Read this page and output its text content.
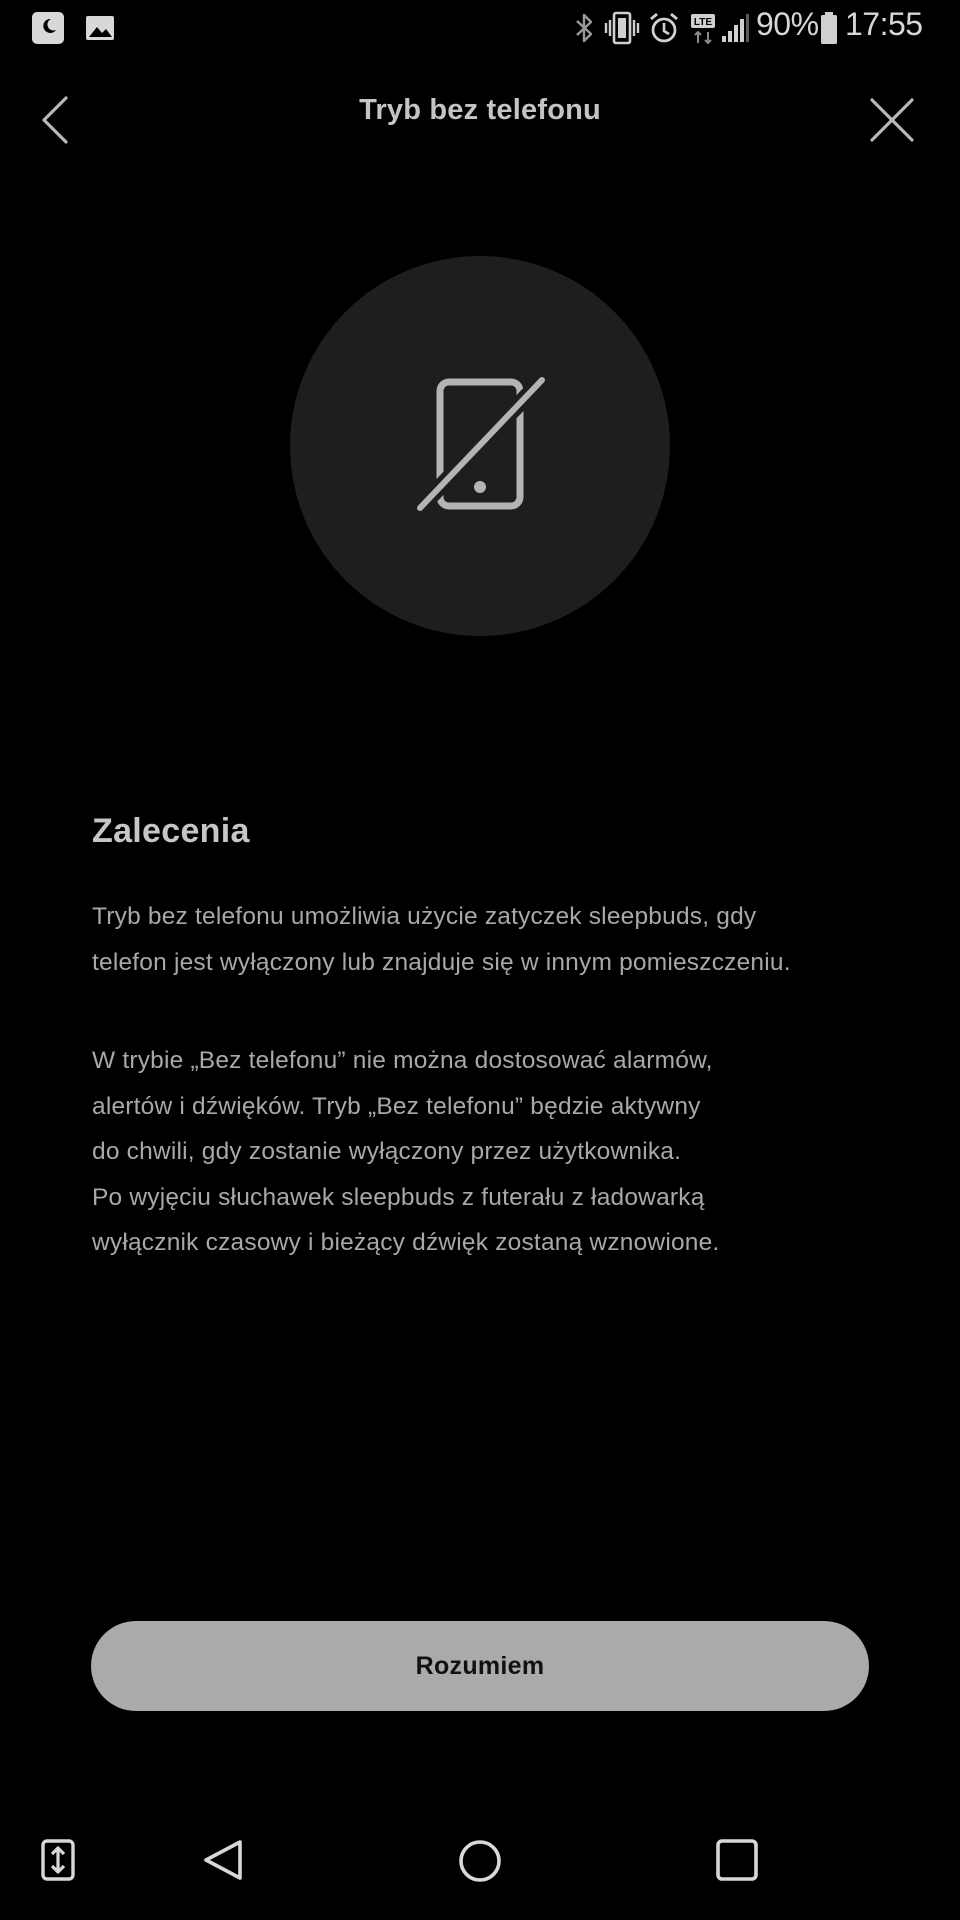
LTE 90% 17:55
Tryb bez telefonu
Zalecenia
Tryb bez telefonu umożliwia użycie zatyczek sleepbuds, gdy
telefon jest wyłączony lub znajduje się w innym pomieszczeniu.
W trybie „Bez telefonu” nie można dostosować alarmów,
alertów i dźwięków. Tryb „Bez telefonu” będzie aktywny
do chwili, gdy zostanie wyłączony przez użytkownika.
Po wyjęciu słuchawek sleepbuds z futerału z ładowarką
wyłącznik czasowy i bieżący dźwięk zostaną wznowione.
Rozumiem
